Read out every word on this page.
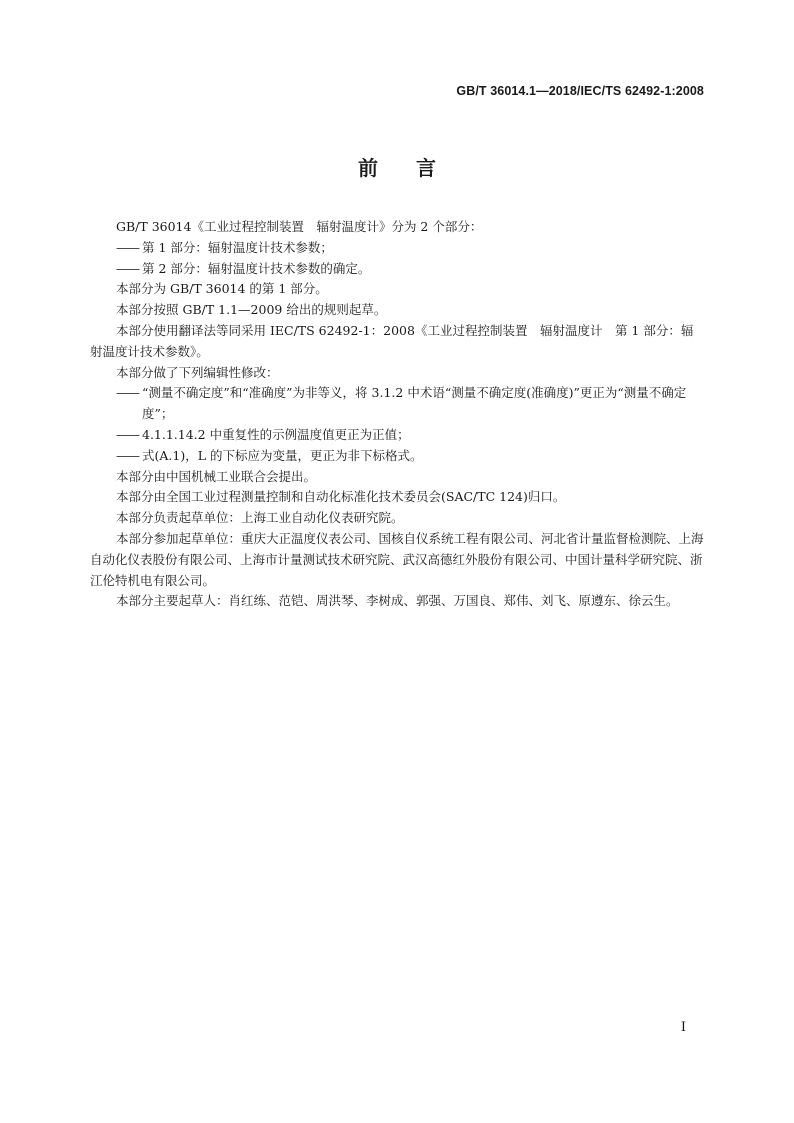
GB/T 36014.1—2018/IEC/TS 62492-1:2008
前言

GB/T 36014《工业过程控制装置　辐射温度计》分为 2 个部分：

—— 第 1 部分：辐射温度计技术参数；

—— 第 2 部分：辐射温度计技术参数的确定。

本部分为 GB/T 36014 的第 1 部分。

本部分按照 GB/T 1.1—2009 给出的规则起草。

本部分使用翻译法等同采用 IEC/TS 62492-1：2008《工业过程控制装置　辐射温度计　第 1 部分：辐射温度计技术参数》。

本部分做了下列编辑性修改：

—— “测量不确定度”和“准确度”为非等义，将 3.1.2 中术语“测量不确定度(准确度)”更正为“测量不确定度”；

—— 4.1.1.14.2 中重复性的示例温度值更正为正值；

—— 式(A.1)，L 的下标应为变量，更正为非下标格式。

本部分由中国机械工业联合会提出。

本部分由全国工业过程测量控制和自动化标准化技术委员会(SAC/TC 124)归口。

本部分负责起草单位：上海工业自动化仪表研究院。

本部分参加起草单位：重庆大正温度仪表公司、国核自仪系统工程有限公司、河北省计量监督检测院、上海自动化仪表股份有限公司、上海市计量测试技术研究院、武汉高德红外股份有限公司、中国计量科学研究院、浙江伦特机电有限公司。

本部分主要起草人：肖红练、范铠、周洪琴、李树成、郭强、万国良、郑伟、刘飞、原遵东、徐云生。

I
